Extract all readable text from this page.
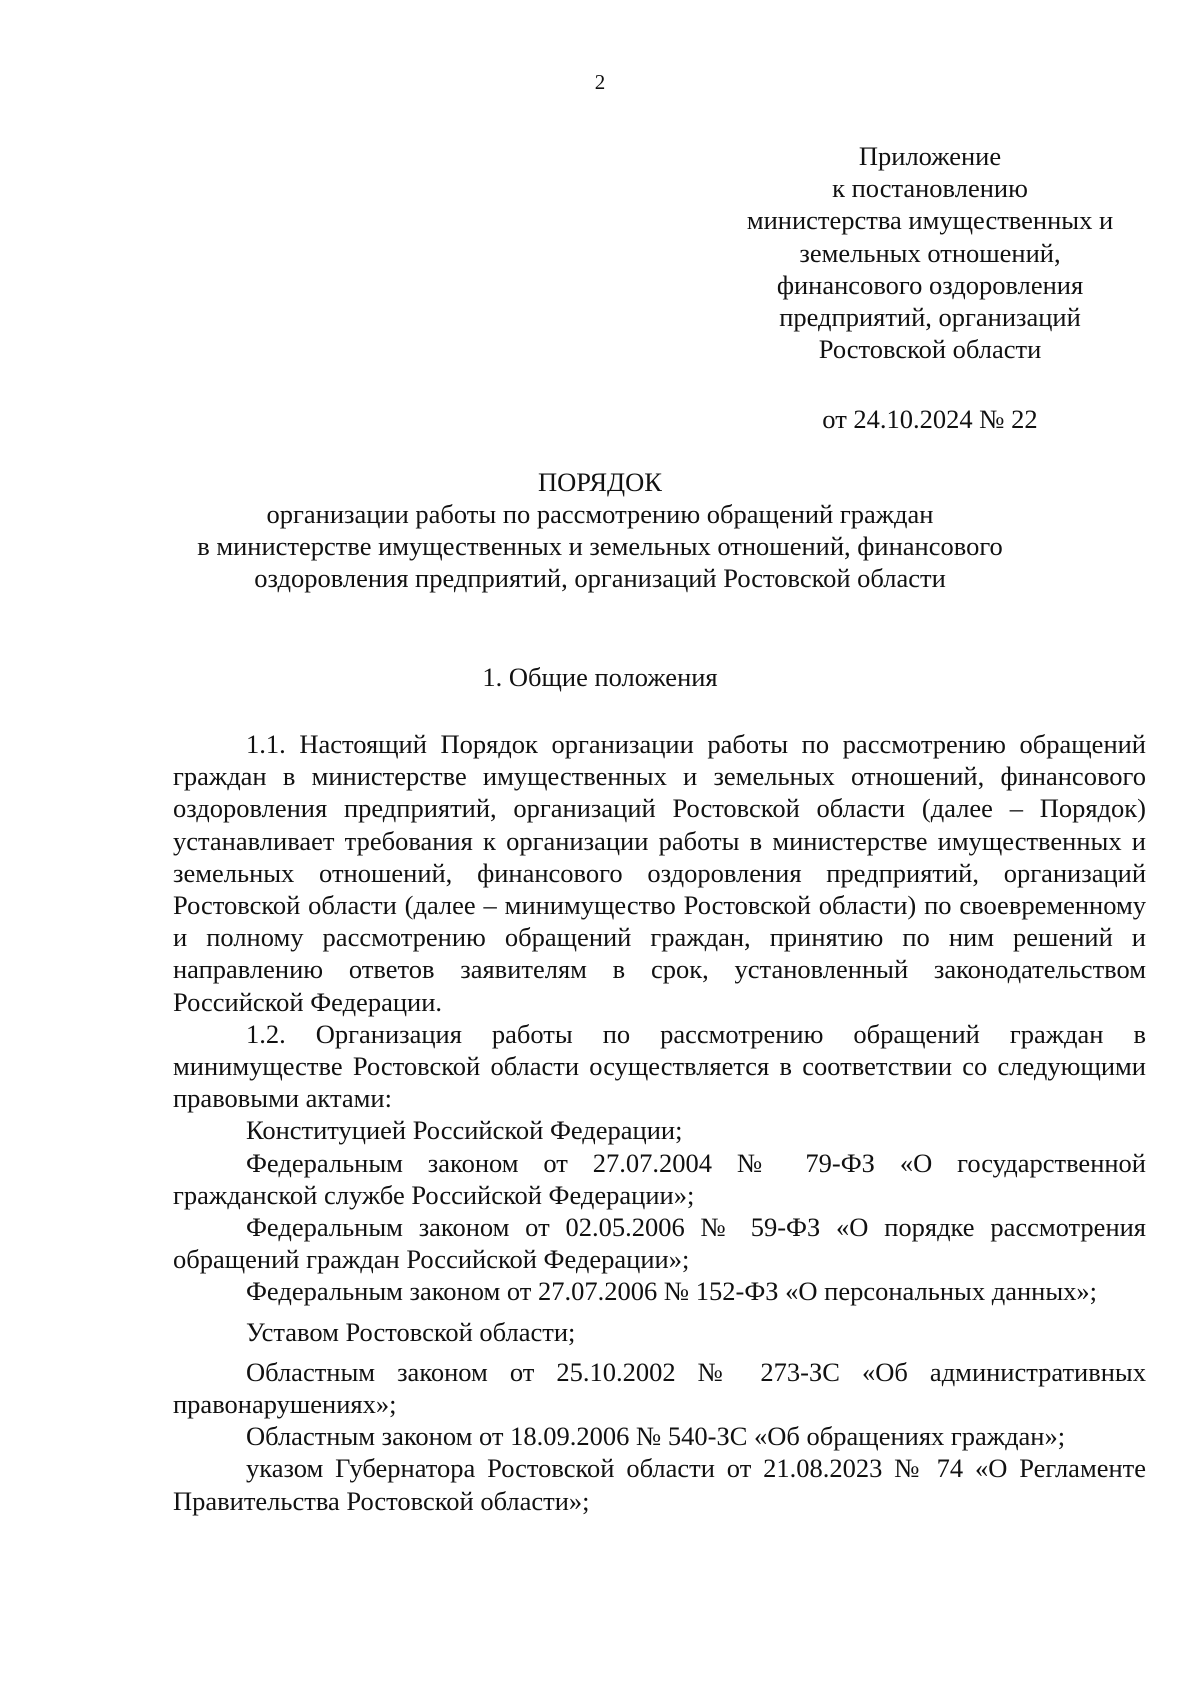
2
Приложение
к постановлению
министерства имущественных и
земельных отношений,
финансового оздоровления
предприятий, организаций
Ростовской области
от 24.10.2024 № 22
ПОРЯДОК
организации работы по рассмотрению обращений граждан
в министерстве имущественных и земельных отношений, финансового
оздоровления предприятий, организаций Ростовской области
1. Общие положения

1.1. Настоящий Порядок организации работы по рассмотрению обращений граждан в министерстве имущественных и земельных отношений, финансового оздоровления предприятий, организаций Ростовской области (далее – Порядок) устанавливает требования к организации работы в министерстве имущественных и земельных отношений, финансового оздоровления предприятий, организаций Ростовской области (далее – минимущество Ростовской области) по своевременному и полному рассмотрению обращений граждан, принятию по ним решений и направлению ответов заявителям в срок, установленный законодательством Российской Федерации.

1.2. Организация работы по рассмотрению обращений граждан в минимуществе Ростовской области осуществляется в соответствии со следующими правовыми актами:

Конституцией Российской Федерации;

Федеральным законом от 27.07.2004 № 79-ФЗ «О государственной гражданской службе Российской Федерации»;

Федеральным законом от 02.05.2006 № 59-ФЗ «О порядке рассмотрения обращений граждан Российской Федерации»;

Федеральным законом от 27.07.2006 № 152-ФЗ «О персональных данных»;

Уставом Ростовской области;

Областным законом от 25.10.2002 № 273-ЗС «Об административных правонарушениях»;

Областным законом от 18.09.2006 № 540-ЗС «Об обращениях граждан»;

указом Губернатора Ростовской области от 21.08.2023 № 74 «О Регламенте Правительства Ростовской области»;
